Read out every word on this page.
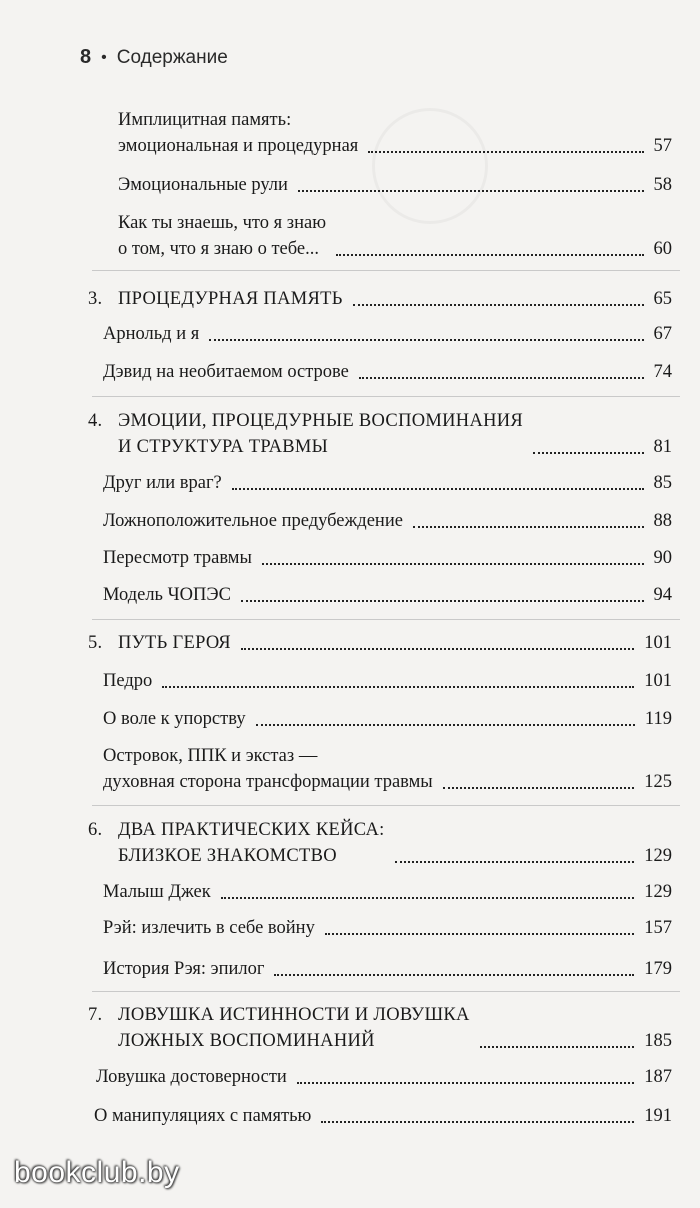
8 • Содержание
Имплицитная память:
эмоциональная и процедурная	57
Эмоциональные рули	58
Как ты знаешь, что я знаю
о том, что я знаю о тебе...	60
3. ПРОЦЕДУРНАЯ ПАМЯТЬ	65
Арнольд и я	67
Дэвид на необитаемом острове	74
4. ЭМОЦИИ, ПРОЦЕДУРНЫЕ ВОСПОМИНАНИЯ
И СТРУКТУРА ТРАВМЫ	81
Друг или враг?	85
Ложноположительное предубеждение	88
Пересмотр травмы	90
Модель ЧОПЭС	94
5. ПУТЬ ГЕРОЯ	101
Педро	101
О воле к упорству	119
Островок, ППК и экстаз —
духовная сторона трансформации травмы	125
6. ДВА ПРАКТИЧЕСКИХ КЕЙСА:
БЛИЗКОЕ ЗНАКОМСТВО	129
Малыш Джек	129
Рэй: излечить в себе войну	157
История Рэя: эпилог	179
7. ЛОВУШКА ИСТИННОСТИ И ЛОВУШКА
ЛОЖНЫХ ВОСПОМИНАНИЙ	185
Ловушка достоверности	187
О манипуляциях с памятью	191
bookclub.by
